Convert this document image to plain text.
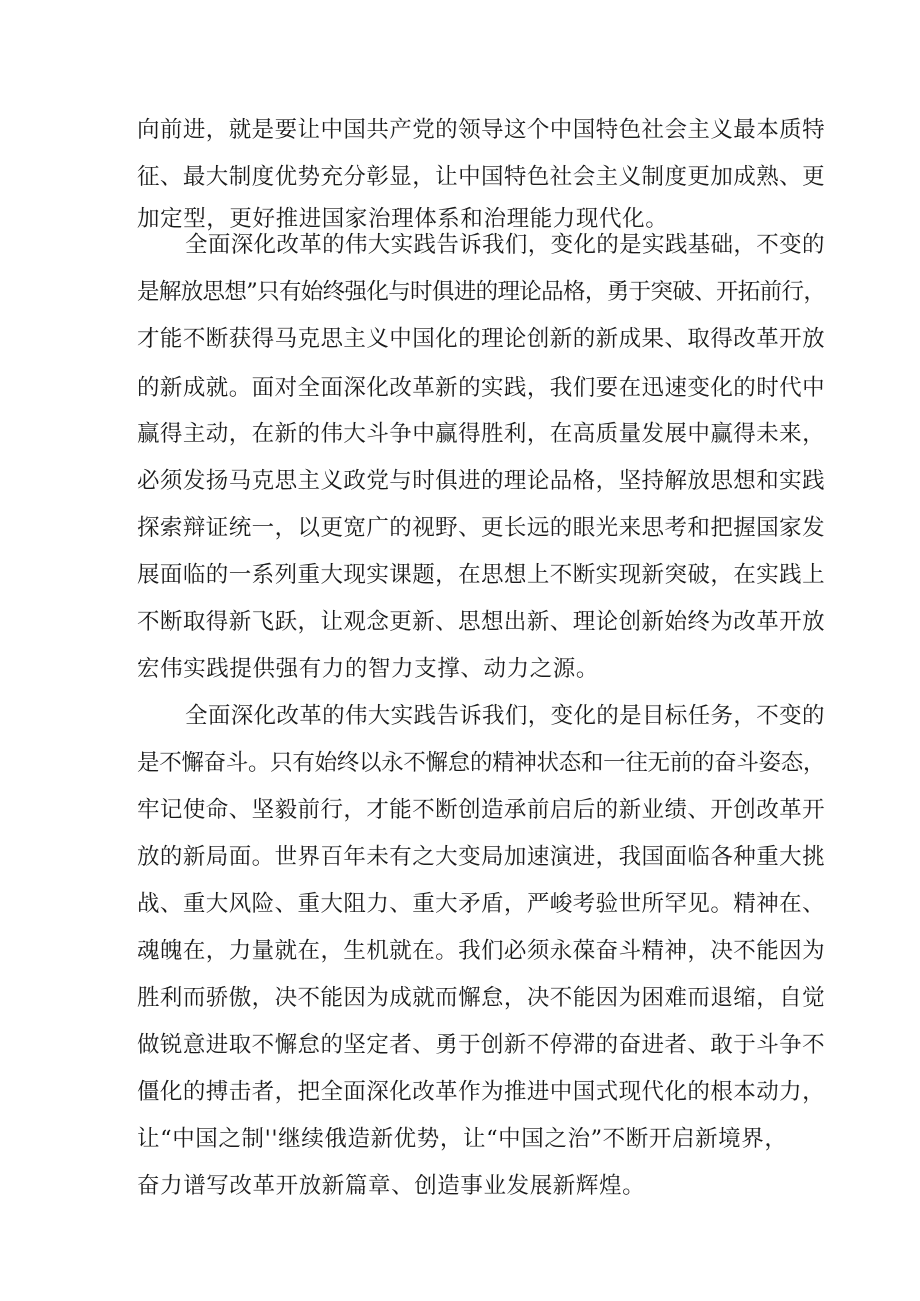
向前进，就是要让中国共产党的领导这个中国特色社会主义最本质特

征、最大制度优势充分彰显，让中国特色社会主义制度更加成熟、更

加定型，更好推进国家治理体系和治理能力现代化。

全面深化改革的伟大实践告诉我们，变化的是实践基础，不变的

是解放思想”只有始终强化与时俱进的理论品格，勇于突破、开拓前行，

才能不断获得马克思主义中国化的理论创新的新成果、取得改革开放

的新成就。面对全面深化改革新的实践，我们要在迅速变化的时代中

赢得主动，在新的伟大斗争中赢得胜利，在高质量发展中赢得未来，

必须发扬马克思主义政党与时俱进的理论品格，坚持解放思想和实践

探索辩证统一，以更宽广的视野、更长远的眼光来思考和把握国家发

展面临的一系列重大现实课题，在思想上不断实现新突破，在实践上

不断取得新飞跃，让观念更新、思想出新、理论创新始终为改革开放

宏伟实践提供强有力的智力支撑、动力之源。

全面深化改革的伟大实践告诉我们，变化的是目标任务，不变的

是不懈奋斗。只有始终以永不懈怠的精神状态和一往无前的奋斗姿态，

牢记使命、坚毅前行，才能不断创造承前启后的新业绩、开创改革开

放的新局面。世界百年未有之大变局加速演进，我国面临各种重大挑

战、重大风险、重大阻力、重大矛盾，严峻考验世所罕见。精神在、

魂魄在，力量就在，生机就在。我们必须永葆奋斗精神，决不能因为

胜利而骄傲，决不能因为成就而懈怠，决不能因为困难而退缩，自觉

做锐意进取不懈怠的坚定者、勇于创新不停滞的奋进者、敢于斗争不

僵化的搏击者，把全面深化改革作为推进中国式现代化的根本动力，

让“中国之制''继续俄造新优势，让“中国之治”不断开启新境界，

奋力谱写改革开放新篇章、创造事业发展新辉煌。
